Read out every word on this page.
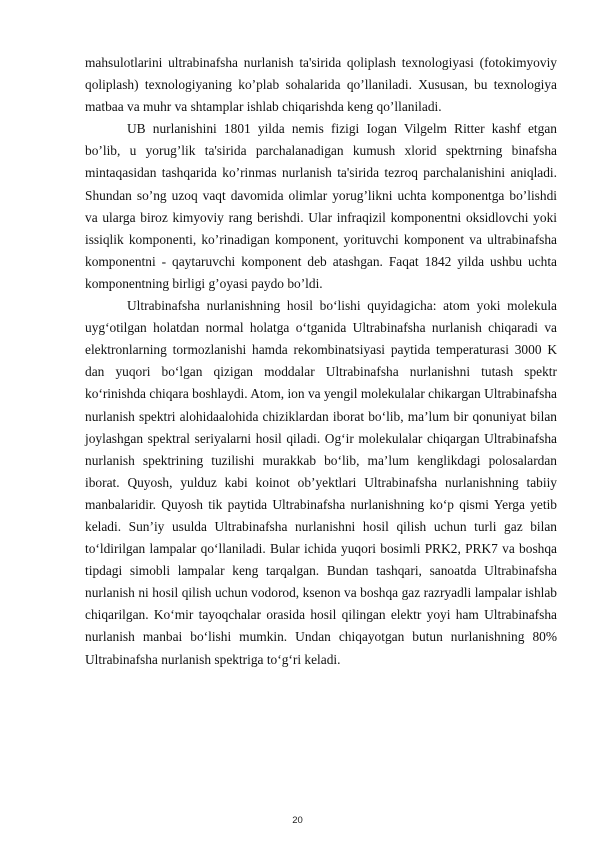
mahsulotlarini ultrabinafsha nurlanish ta'sirida qoliplash texnologiyasi (fotokimyoviy qoliplash) texnologiyaning ko’plab sohalarida qo’llaniladi. Xususan, bu texnologiya matbaa va muhr va shtamplar ishlab chiqarishda keng qo’llaniladi.

UB nurlanishini 1801 yilda nemis fizigi Iogan Vilgelm Ritter kashf etgan bo’lib, u yorug’lik ta'sirida parchalanadigan kumush xlorid spektrning binafsha mintaqasidan tashqarida ko’rinmas nurlanish ta'sirida tezroq parchalanishini aniqladi. Shundan so’ng uzoq vaqt davomida olimlar yorug’likni uchta komponentga bo’lishdi va ularga biroz kimyoviy rang berishdi. Ular infraqizil komponentni oksidlovchi yoki issiqlik komponenti, ko’rinadigan komponent, yorituvchi komponent va ultrabinafsha komponentni - qaytaruvchi komponent deb atashgan. Faqat 1842 yilda ushbu uchta komponentning birligi g’oyasi paydo bo’ldi.

Ultrabinafsha nurlanishning hosil bo‘lishi quyidagicha: atom yoki molekula uyg‘otilgan holatdan normal holatga o‘tganida Ultrabinafsha nurlanish chiqaradi va elektronlarning tormozlanishi hamda rekombinatsiyasi paytida temperaturasi 3000 K dan yuqori bo‘lgan qizigan moddalar Ultrabinafsha nurlanishni tutash spektr ko‘rinishda chiqara boshlaydi. Atom, ion va yengil molekulalar chikargan Ultrabinafsha nurlanish spektri alohidaalohida chiziklardan iborat bo‘lib, ma’lum bir qonuniyat bilan joylashgan spektral seriyalarni hosil qiladi. Og‘ir molekulalar chiqargan Ultrabinafsha nurlanish spektrining tuzilishi murakkab bo‘lib, ma’lum kenglikdagi polosalardan iborat. Quyosh, yulduz kabi koinot ob’yektlari Ultrabinafsha nurlanishning tabiiy manbalaridir. Quyosh tik paytida Ultrabinafsha nurlanishning ko‘p qismi Yerga yetib keladi. Sun’iy usulda Ultrabinafsha nurlanishni hosil qilish uchun turli gaz bilan to‘ldirilgan lampalar qo‘llaniladi. Bular ichida yuqori bosimli PRK2, PRK7 va boshqa tipdagi simobli lampalar keng tarqalgan. Bundan tashqari, sanoatda Ultrabinafsha nurlanish ni hosil qilish uchun vodorod, ksenon va boshqa gaz razryadli lampalar ishlab chiqarilgan. Ko‘mir tayoqchalar orasida hosil qilingan elektr yoyi ham Ultrabinafsha nurlanish manbai bo‘lishi mumkin. Undan chiqayotgan butun nurlanishning 80% Ultrabinafsha nurlanish spektriga to‘g‘ri keladi.

20
